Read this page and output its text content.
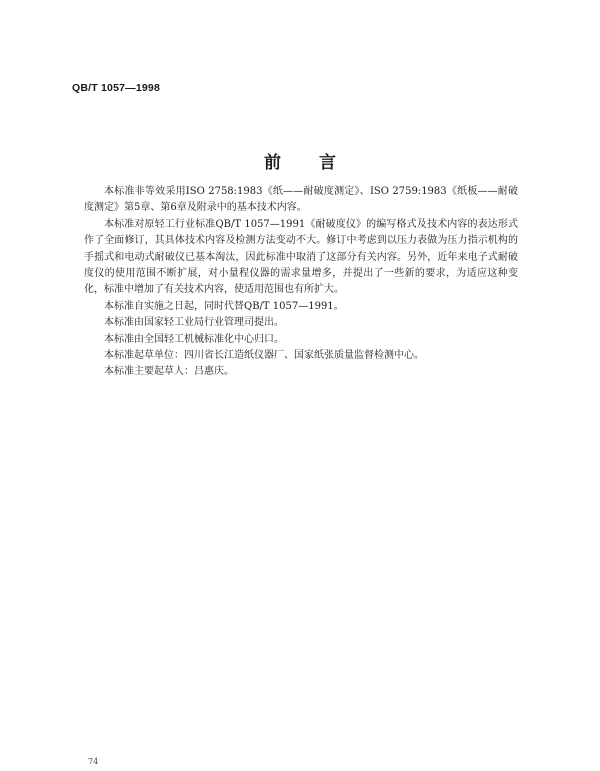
QB/T 1057—1998
前言

本标准非等效采用ISO 2758:1983《纸——耐破度测定》、ISO 2759:1983《纸板——耐破度测定》第5章、第6章及附录中的基本技术内容。

本标准对原轻工行业标准QB/T 1057—1991《耐破度仪》的编写格式及技术内容的表达形式作了全面修订，其具体技术内容及检测方法变动不大。修订中考虑到以压力表做为压力指示机构的手摇式和电动式耐破仪已基本淘汰，因此标准中取消了这部分有关内容。另外，近年来电子式耐破度仪的使用范围不断扩展，对小量程仪器的需求量增多，并提出了一些新的要求，为适应这种变化，标准中增加了有关技术内容，使适用范围也有所扩大。

本标准自实施之日起，同时代替QB/T 1057—1991。

本标准由国家轻工业局行业管理司提出。

本标准由全国轻工机械标准化中心归口。

本标准起草单位：四川省长江造纸仪器厂、国家纸张质量监督检测中心。

本标准主要起草人：吕惠庆。

74
